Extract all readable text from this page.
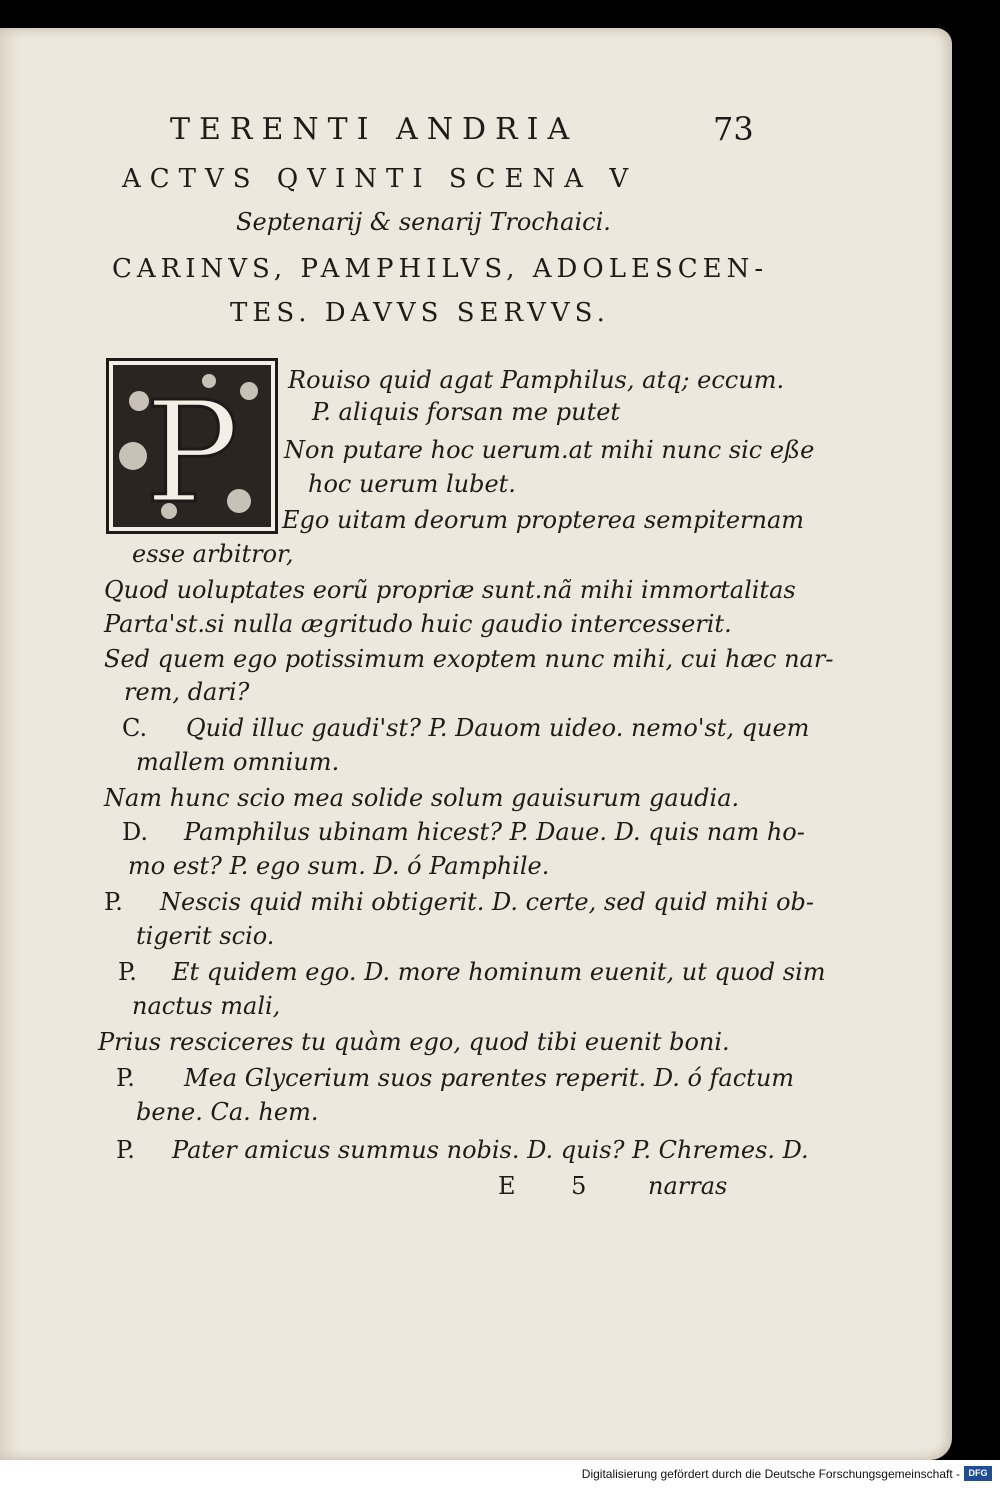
TERENTI ANDRIA	73
ACTVS QVINTI SCENA V
Septenarij & senarij Trochaici.
CARINVS, PAMPHILVS, ADOLESCEN-
TES. DAVVS SERVVS.
P Rouiso quid agat Pamphilus, atq; eccum.
P. aliquis forsan me putet
Non putare hoc uerum.at mihi nunc sic eße
hoc uerum lubet.
Ego uitam deorum propterea sempiternam
esse arbitror,
Quod uoluptates eorũ propriæ sunt.nã mihi immortalitas
Parta'st.si nulla ægritudo huic gaudio intercesserit.
Sed quem ego potissimum exoptem nunc mihi, cui hæc nar-
rem, dari?
C. Quid illuc gaudi'st? P. Dauom uideo. nemo'st, quem
mallem omnium.
Nam hunc scio mea solide solum gauisurum gaudia.
D. Pamphilus ubinam hicest? P. Daue. D. quis nam ho-
mo est? P. ego sum. D. ó Pamphile.
P. Nescis quid mihi obtigerit. D. certe, sed quid mihi ob-
tigerit scio.
P. Et quidem ego. D. more hominum euenit, ut quod sim
nactus mali,
Prius resciceres tu quàm ego, quod tibi euenit boni.
P. Mea Glycerium suos parentes reperit. D. ó factum
bene. Ca. hem.
P. Pater amicus summus nobis. D. quis? P. Chremes. D.
E 5 narras
Digitalisierung gefördert durch die Deutsche Forschungsgemeinschaft - DFG
